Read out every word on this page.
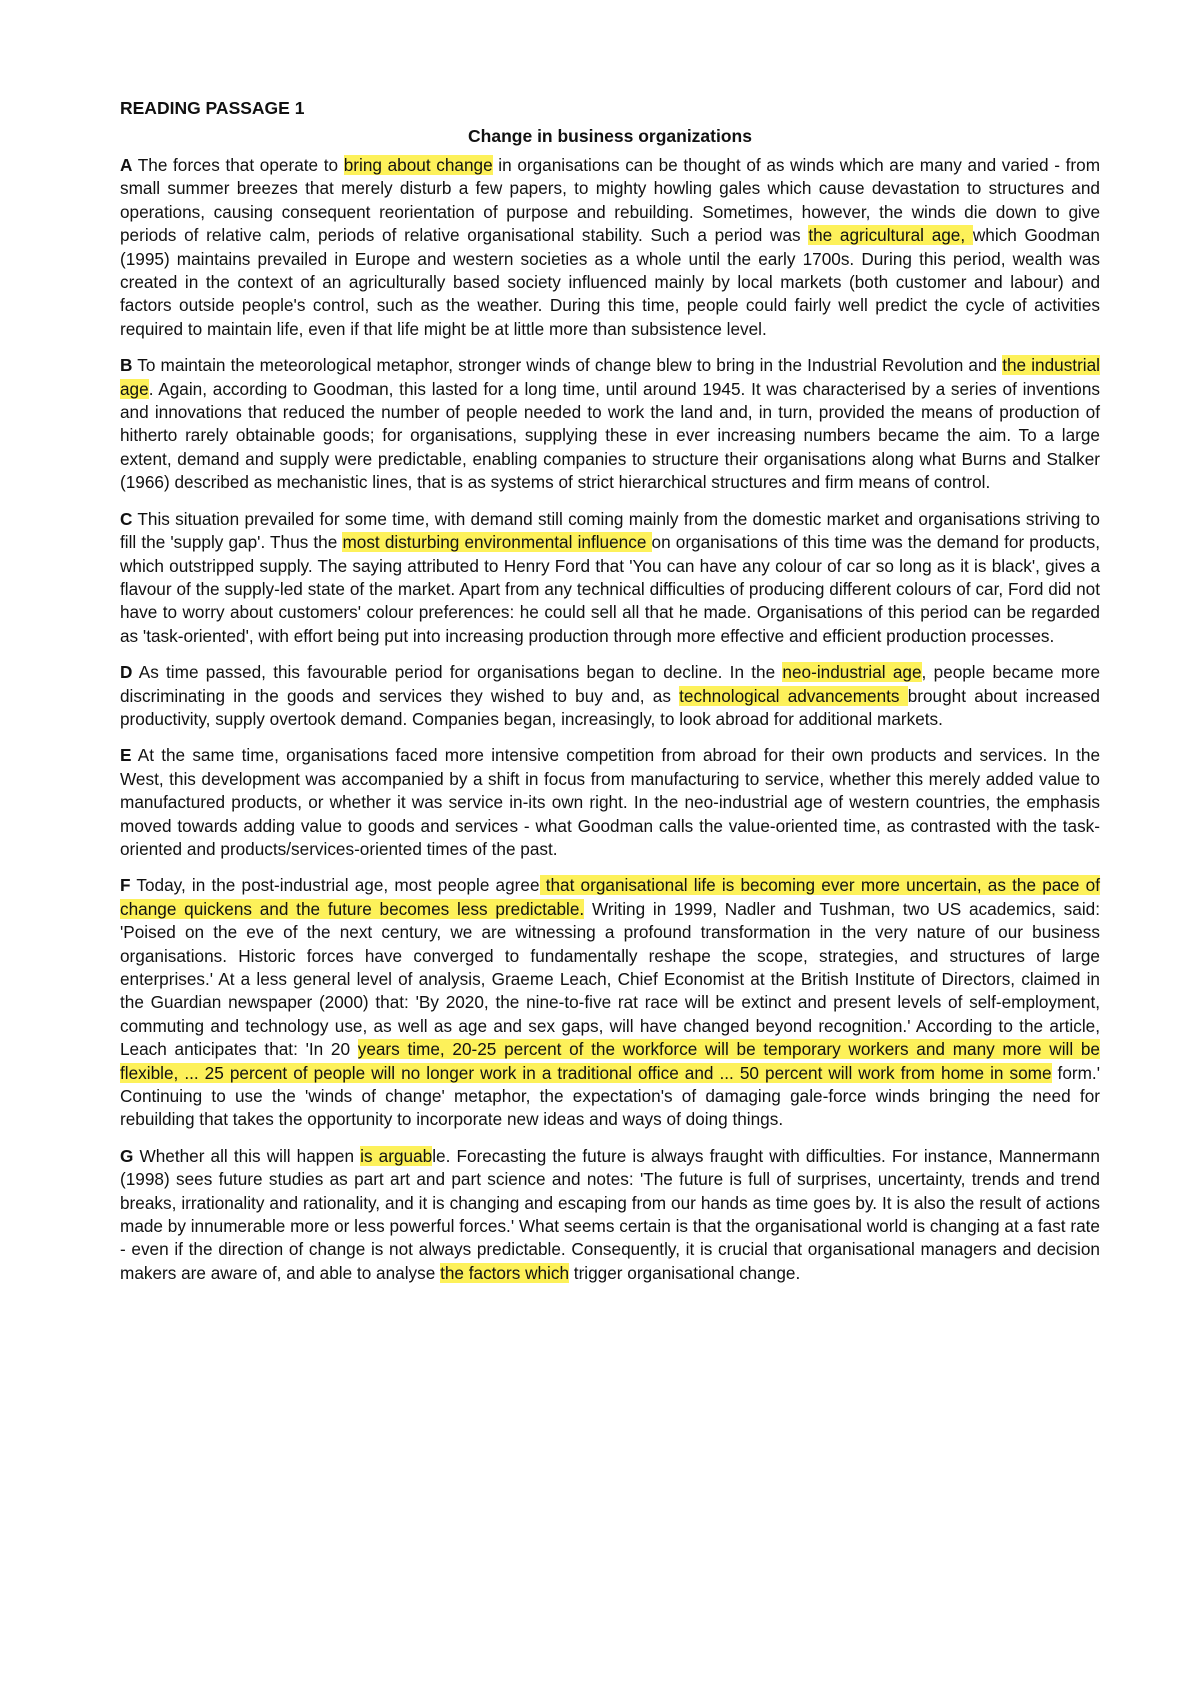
READING PASSAGE 1
Change in business organizations

A The forces that operate to bring about change in organisations can be thought of as winds which are many and varied - from small summer breezes that merely disturb a few papers, to mighty howling gales which cause devastation to structures and operations, causing consequent reorientation of purpose and rebuilding. Sometimes, however, the winds die down to give periods of relative calm, periods of relative organisational stability. Such a period was the agricultural age, which Goodman (1995) maintains prevailed in Europe and western societies as a whole until the early 1700s. During this period, wealth was created in the context of an agriculturally based society influenced mainly by local markets (both customer and labour) and factors outside people's control, such as the weather. During this time, people could fairly well predict the cycle of activities required to maintain life, even if that life might be at little more than subsistence level.

B To maintain the meteorological metaphor, stronger winds of change blew to bring in the Industrial Revolution and the industrial age. Again, according to Goodman, this lasted for a long time, until around 1945. It was characterised by a series of inventions and innovations that reduced the number of people needed to work the land and, in turn, provided the means of production of hitherto rarely obtainable goods; for organisations, supplying these in ever increasing numbers became the aim. To a large extent, demand and supply were predictable, enabling companies to structure their organisations along what Burns and Stalker (1966) described as mechanistic lines, that is as systems of strict hierarchical structures and firm means of control.

C This situation prevailed for some time, with demand still coming mainly from the domestic market and organisations striving to fill the 'supply gap'. Thus the most disturbing environmental influence on organisations of this time was the demand for products, which outstripped supply. The saying attributed to Henry Ford that 'You can have any colour of car so long as it is black', gives a flavour of the supply-led state of the market. Apart from any technical difficulties of producing different colours of car, Ford did not have to worry about customers' colour preferences: he could sell all that he made. Organisations of this period can be regarded as 'task-oriented', with effort being put into increasing production through more effective and efficient production processes.

D As time passed, this favourable period for organisations began to decline. In the neo-industrial age, people became more discriminating in the goods and services they wished to buy and, as technological advancements brought about increased productivity, supply overtook demand. Companies began, increasingly, to look abroad for additional markets.

E At the same time, organisations faced more intensive competition from abroad for their own products and services. In the West, this development was accompanied by a shift in focus from manufacturing to service, whether this merely added value to manufactured products, or whether it was service in-its own right. In the neo-industrial age of western countries, the emphasis moved towards adding value to goods and services - what Goodman calls the value-oriented time, as contrasted with the task- oriented and products/services-oriented times of the past.

F Today, in the post-industrial age, most people agree that organisational life is becoming ever more uncertain, as the pace of change quickens and the future becomes less predictable. Writing in 1999, Nadler and Tushman, two US academics, said: 'Poised on the eve of the next century, we are witnessing a profound transformation in the very nature of our business organisations. Historic forces have converged to fundamentally reshape the scope, strategies, and structures of large enterprises.' At a less general level of analysis, Graeme Leach, Chief Economist at the British Institute of Directors, claimed in the Guardian newspaper (2000) that: 'By 2020, the nine-to-five rat race will be extinct and present levels of self-employment, commuting and technology use, as well as age and sex gaps, will have changed beyond recognition.' According to the article, Leach anticipates that: 'In 20 years time, 20-25 percent of the workforce will be temporary workers and many more will be flexible, ... 25 percent of people will no longer work in a traditional office and ... 50 percent will work from home in some form.' Continuing to use the 'winds of change' metaphor, the expectation's of damaging gale-force winds bringing the need for rebuilding that takes the opportunity to incorporate new ideas and ways of doing things.

G Whether all this will happen is arguable. Forecasting the future is always fraught with difficulties. For instance, Mannermann (1998) sees future studies as part art and part science and notes: 'The future is full of surprises, uncertainty, trends and trend breaks, irrationality and rationality, and it is changing and escaping from our hands as time goes by. It is also the result of actions made by innumerable more or less powerful forces.' What seems certain is that the organisational world is changing at a fast rate - even if the direction of change is not always predictable. Consequently, it is crucial that organisational managers and decision makers are aware of, and able to analyse the factors which trigger organisational change.
